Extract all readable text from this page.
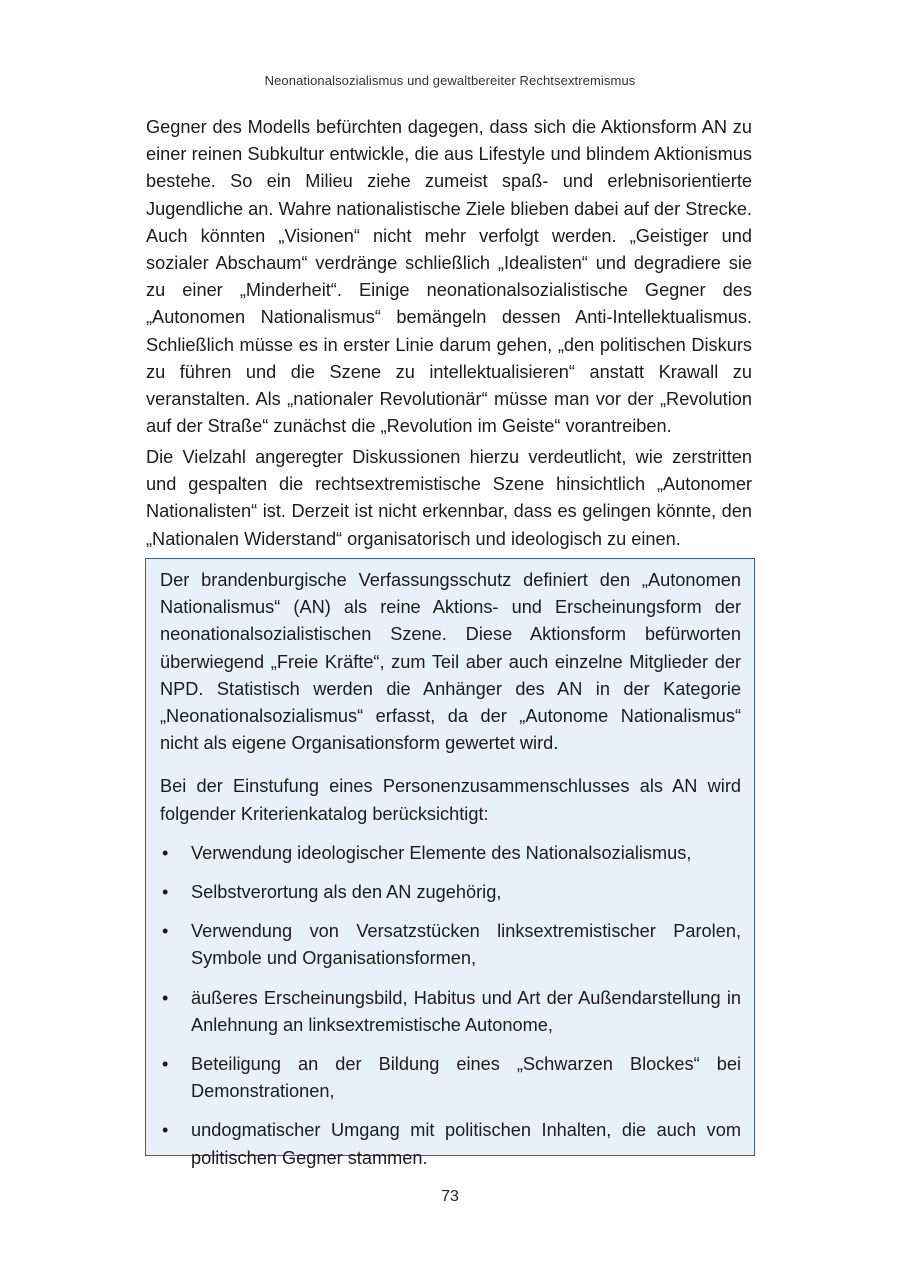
Neonationalsozialismus und gewaltbereiter Rechtsextremismus

Gegner des Modells befürchten dagegen, dass sich die Aktionsform AN zu einer reinen Subkultur entwickle, die aus Lifestyle und blindem Aktionismus bestehe. So ein Milieu ziehe zumeist spaß- und erlebnisorientierte Jugendliche an. Wahre nationalistische Ziele blieben dabei auf der Strecke. Auch könnten „Visionen“ nicht mehr verfolgt werden. „Geistiger und sozialer Abschaum“ verdränge schließlich „Idealisten“ und degradiere sie zu einer „Minderheit“. Einige neonationalsozialistische Gegner des „Autonomen Nationalismus“ bemängeln dessen Anti-Intellektualismus. Schließlich müsse es in erster Linie darum gehen, „den politischen Diskurs zu führen und die Szene zu intellektualisieren“ anstatt Krawall zu veranstalten. Als „nationaler Revolutionär“ müsse man vor der „Revolution auf der Straße“ zunächst die „Revolution im Geiste“ vorantreiben.

Die Vielzahl angeregter Diskussionen hierzu verdeutlicht, wie zerstritten und gespalten die rechtsextremistische Szene hinsichtlich „Autonomer Nationalisten“ ist. Derzeit ist nicht erkennbar, dass es gelingen könnte, den „Nationalen Widerstand“ organisatorisch und ideologisch zu einen.

Der brandenburgische Verfassungsschutz definiert den „Autonomen Nationalismus“ (AN) als reine Aktions- und Erscheinungsform der neonationalsozialistischen Szene. Diese Aktionsform befürworten überwiegend „Freie Kräfte“, zum Teil aber auch einzelne Mitglieder der NPD. Statistisch werden die Anhänger des AN in der Kategorie „Neonationalsozialismus“ erfasst, da der „Autonome Nationalismus“ nicht als eigene Organisationsform gewertet wird.

Bei der Einstufung eines Personenzusammenschlusses als AN wird folgender Kriterienkatalog berücksichtigt:

• Verwendung ideologischer Elemente des Nationalsozialismus,
• Selbstverortung als den AN zugehörig,
• Verwendung von Versatzstücken linksextremistischer Parolen, Symbole und Organisationsformen,
• äußeres Erscheinungsbild, Habitus und Art der Außendarstellung in Anlehnung an linksextremistische Autonome,
• Beteiligung an der Bildung eines „Schwarzen Blockes“ bei Demonstrationen,
• undogmatischer Umgang mit politischen Inhalten, die auch vom politischen Gegner stammen.
73
